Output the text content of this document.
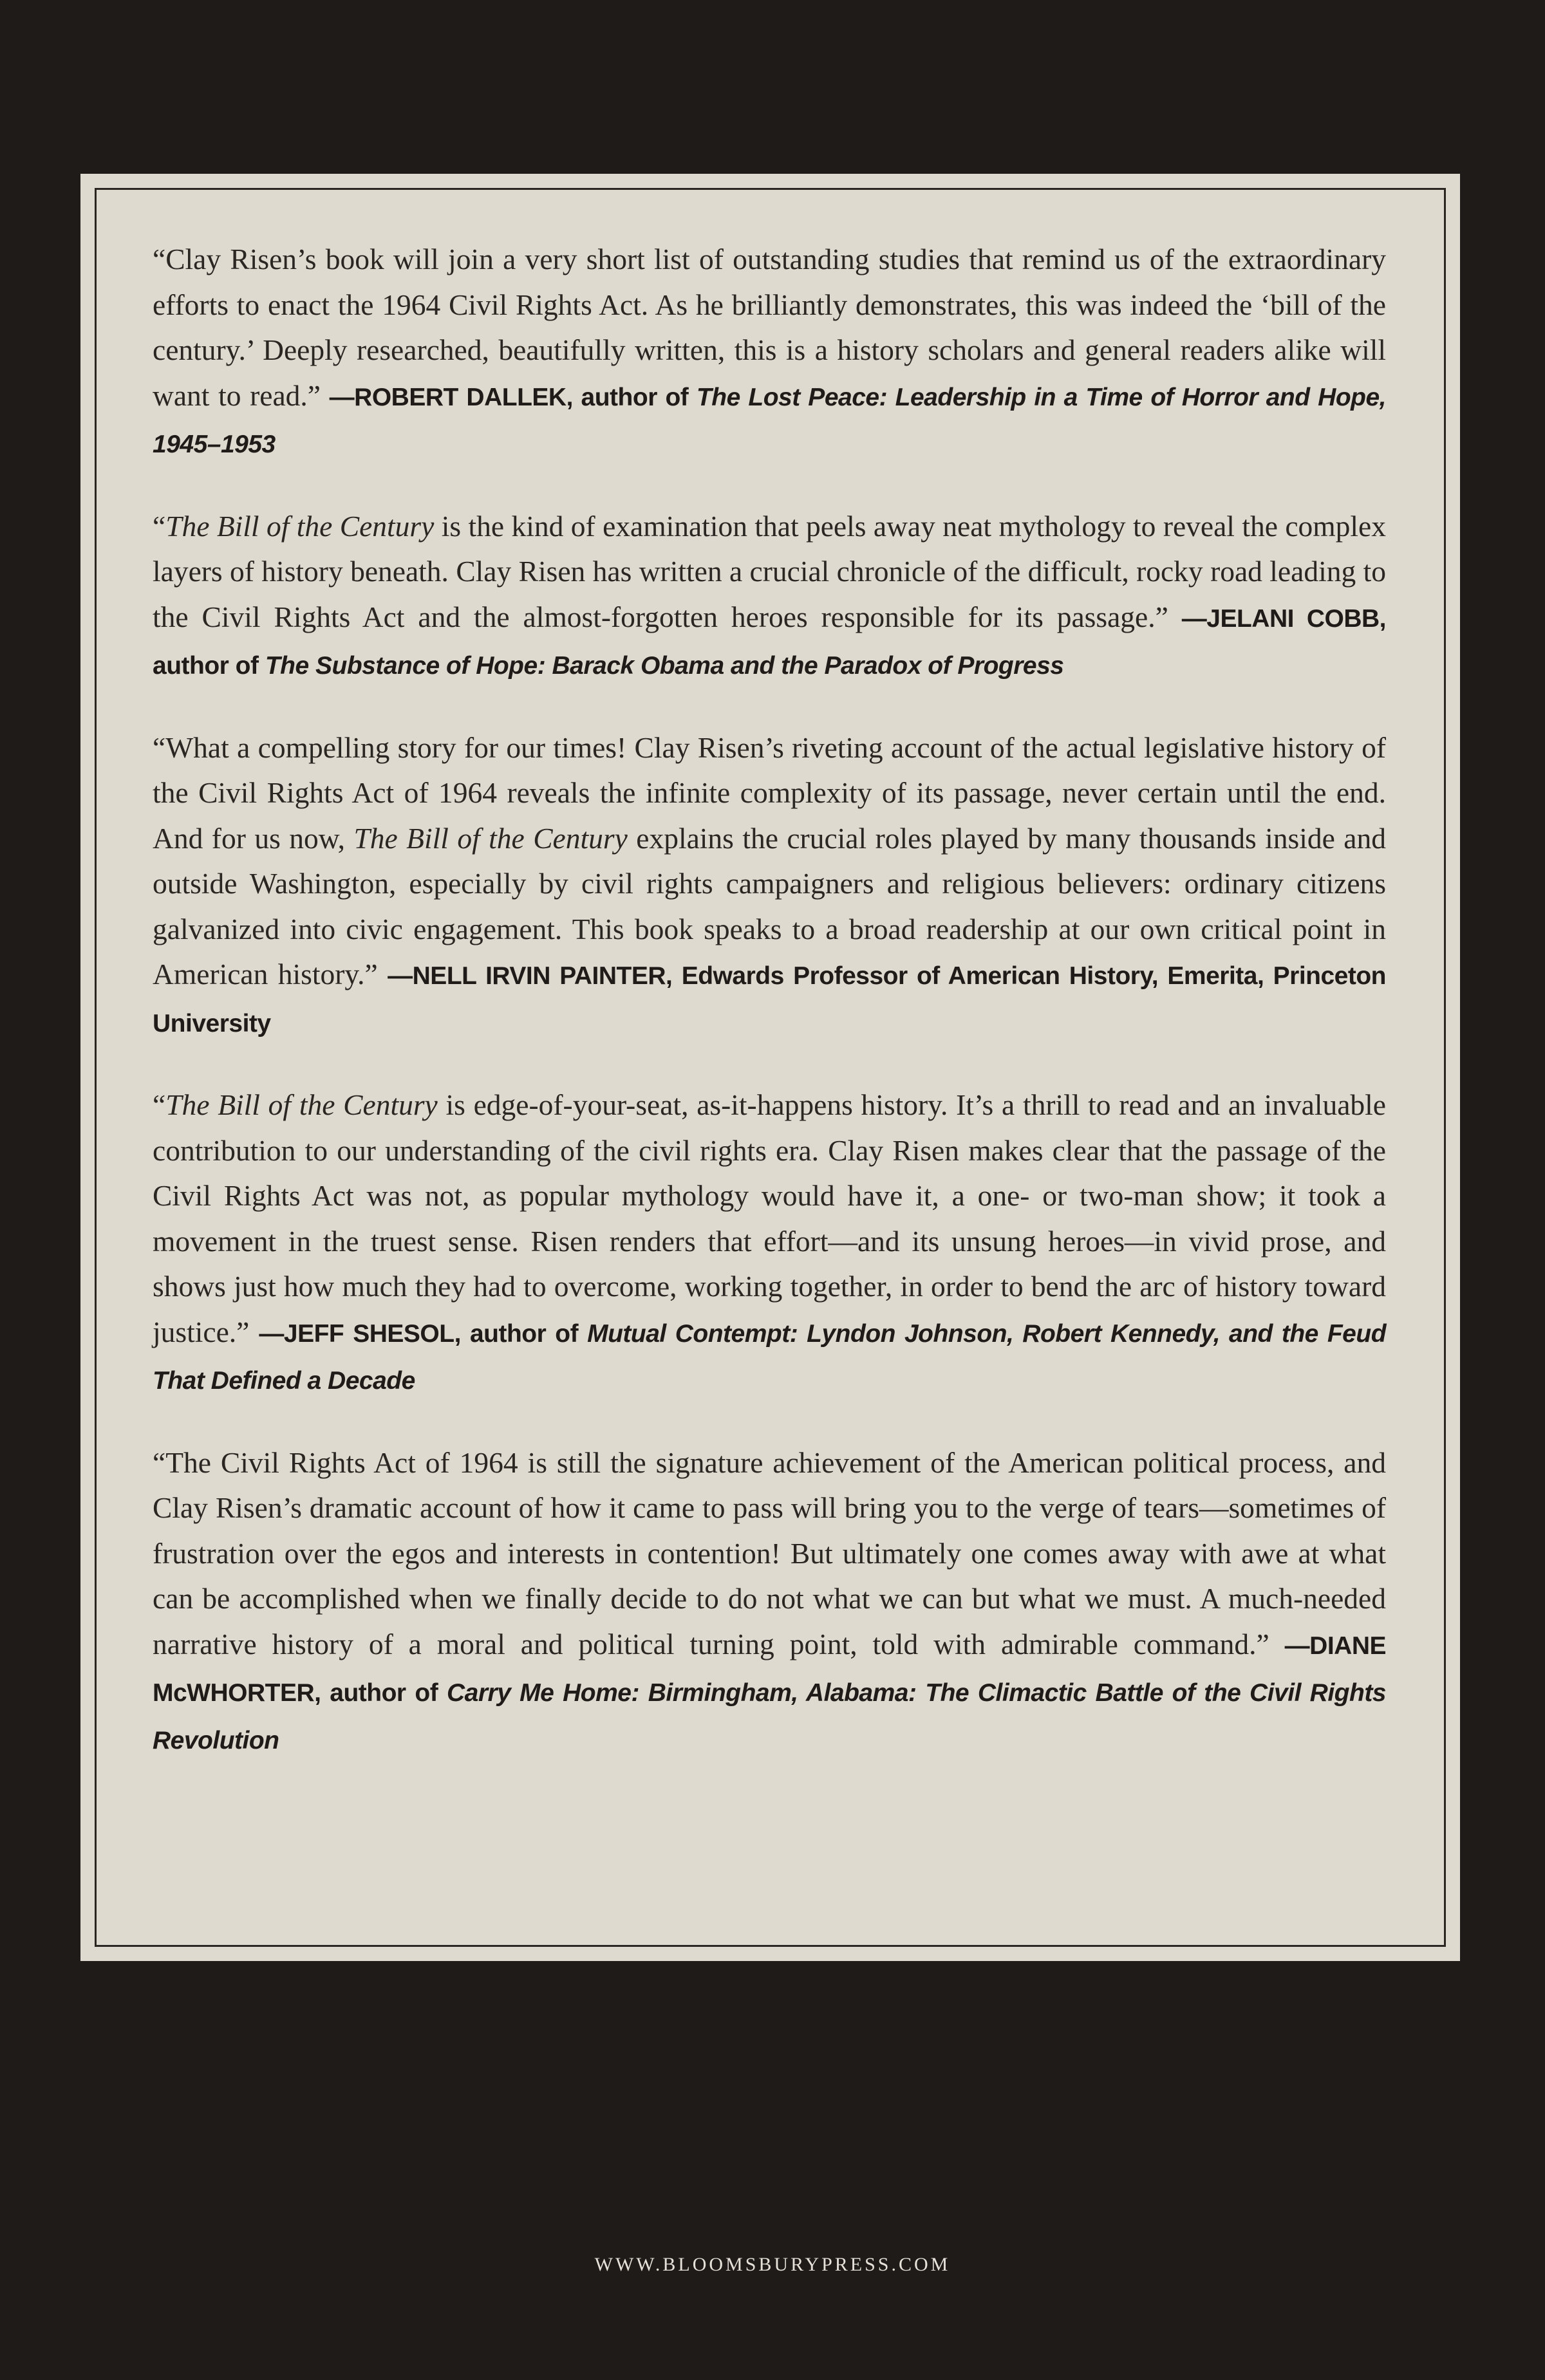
“Clay Risen’s book will join a very short list of outstanding studies that remind us of the extraordinary efforts to enact the 1964 Civil Rights Act. As he brilliantly demonstrates, this was indeed the ‘bill of the century.’ Deeply researched, beautifully written, this is a history scholars and general readers alike will want to read.” —ROBERT DALLEK, author of The Lost Peace: Leadership in a Time of Horror and Hope, 1945–1953

“The Bill of the Century is the kind of examination that peels away neat mythology to reveal the complex layers of history beneath. Clay Risen has written a crucial chronicle of the difficult, rocky road leading to the Civil Rights Act and the almost-forgotten heroes responsible for its passage.” —JELANI COBB, author of The Substance of Hope: Barack Obama and the Paradox of Progress

“What a compelling story for our times! Clay Risen’s riveting account of the actual legislative history of the Civil Rights Act of 1964 reveals the infinite complexity of its passage, never certain until the end. And for us now, The Bill of the Century explains the crucial roles played by many thousands inside and outside Washington, especially by civil rights campaigners and religious believers: ordinary citizens galvanized into civic engagement. This book speaks to a broad readership at our own critical point in American history.” —NELL IRVIN PAINTER, Edwards Professor of American History, Emerita, Princeton University

“The Bill of the Century is edge-of-your-seat, as-it-happens history. It’s a thrill to read and an invaluable contribution to our understanding of the civil rights era. Clay Risen makes clear that the passage of the Civil Rights Act was not, as popular mythology would have it, a one- or two-man show; it took a movement in the truest sense. Risen renders that effort—and its unsung heroes—in vivid prose, and shows just how much they had to overcome, working together, in order to bend the arc of history toward justice.” —JEFF SHESOL, author of Mutual Contempt: Lyndon Johnson, Robert Kennedy, and the Feud That Defined a Decade

“The Civil Rights Act of 1964 is still the signature achievement of the American political process, and Clay Risen’s dramatic account of how it came to pass will bring you to the verge of tears—sometimes of frustration over the egos and interests in contention! But ultimately one comes away with awe at what can be accomplished when we finally decide to do not what we can but what we must. A much-needed narrative history of a moral and political turning point, told with admirable command.” —DIANE McWHORTER, author of Carry Me Home: Birmingham, Alabama: The Climactic Battle of the Civil Rights Revolution

WWW.BLOOMSBURYPRESS.COM
